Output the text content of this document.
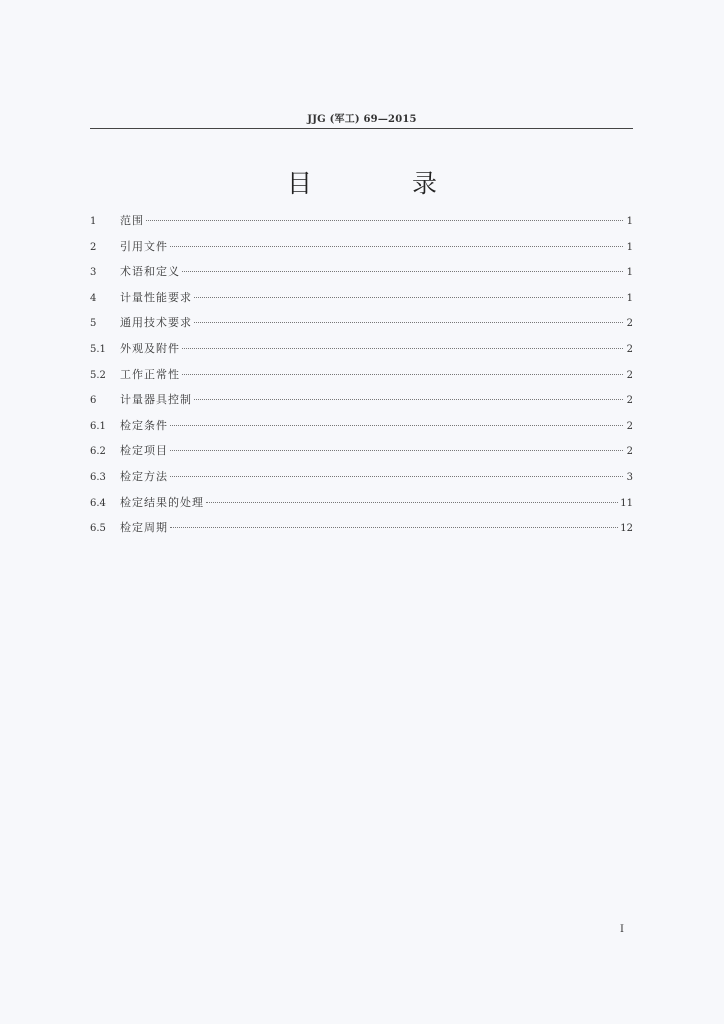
JJG (军工) 69—2015
目 录
1	范围	1
2	引用文件	1
3	术语和定义	1
4	计量性能要求	1
5	通用技术要求	2
5.1	外观及附件	2
5.2	工作正常性	2
6	计量器具控制	2
6.1	检定条件	2
6.2	检定项目	2
6.3	检定方法	3
6.4	检定结果的处理	11
6.5	检定周期	12
I
